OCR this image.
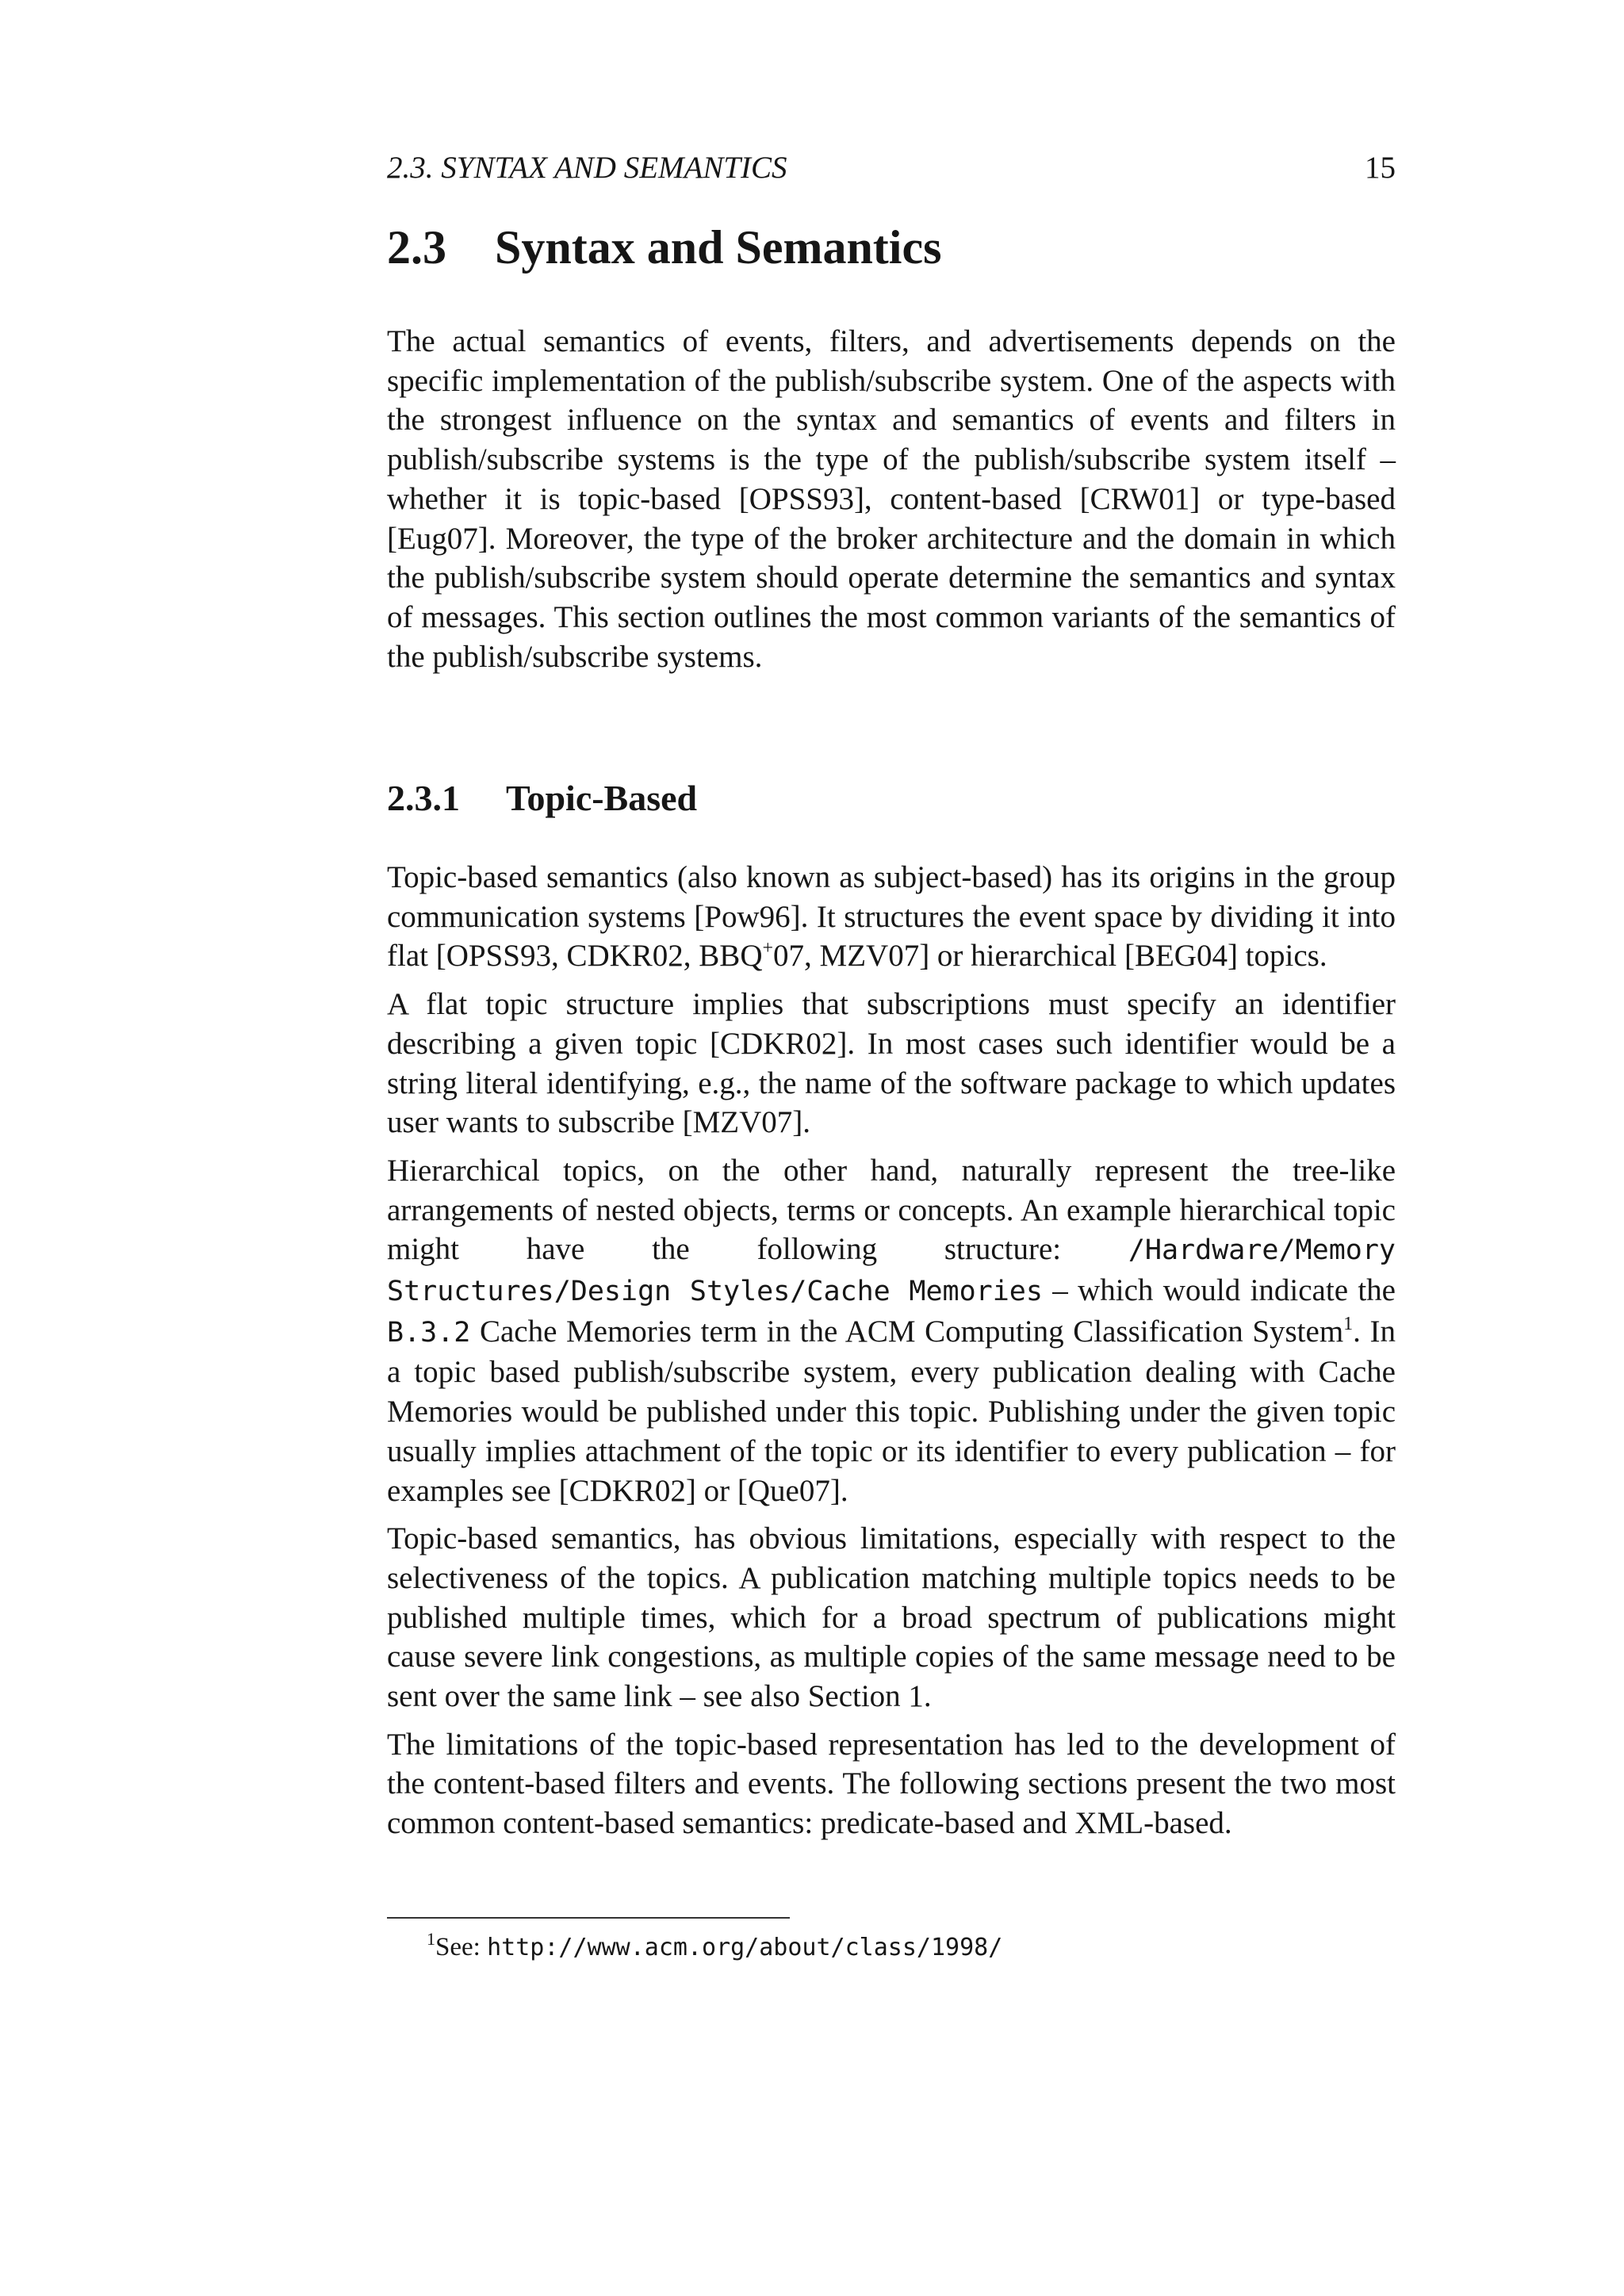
2.3. SYNTAX AND SEMANTICS	15
2.3 Syntax and Semantics

The actual semantics of events, filters, and advertisements depends on the specific implementation of the publish/subscribe system. One of the aspects with the strongest influence on the syntax and semantics of events and filters in publish/subscribe systems is the type of the publish/subscribe system itself – whether it is topic-based [OPSS93], content-based [CRW01] or type-based [Eug07]. Moreover, the type of the broker architecture and the domain in which the publish/subscribe system should operate determine the semantics and syntax of messages. This section outlines the most common variants of the semantics of the publish/subscribe systems.

2.3.1 Topic-Based

Topic-based semantics (also known as subject-based) has its origins in the group communication systems [Pow96]. It structures the event space by dividing it into flat [OPSS93, CDKR02, BBQ+07, MZV07] or hierarchical [BEG04] topics.

A flat topic structure implies that subscriptions must specify an identifier describing a given topic [CDKR02]. In most cases such identifier would be a string literal identifying, e.g., the name of the software package to which updates user wants to subscribe [MZV07].

Hierarchical topics, on the other hand, naturally represent the tree-like arrangements of nested objects, terms or concepts. An example hierarchical topic might have the following structure: /Hardware/Memory Structures/Design Styles/Cache Memories – which would indicate the B.3.2 Cache Memories term in the ACM Computing Classification System$^1$. In a topic based publish/subscribe system, every publication dealing with Cache Memories would be published under this topic. Publishing under the given topic usually implies attachment of the topic or its identifier to every publication – for examples see [CDKR02] or [Que07].

Topic-based semantics, has obvious limitations, especially with respect to the selectiveness of the topics. A publication matching multiple topics needs to be published multiple times, which for a broad spectrum of publications might cause severe link congestions, as multiple copies of the same message need to be sent over the same link – see also Section 1.

The limitations of the topic-based representation has led to the development of the content-based filters and events. The following sections present the two most common content-based semantics: predicate-based and XML-based.

$^1$See: http://www.acm.org/about/class/1998/
